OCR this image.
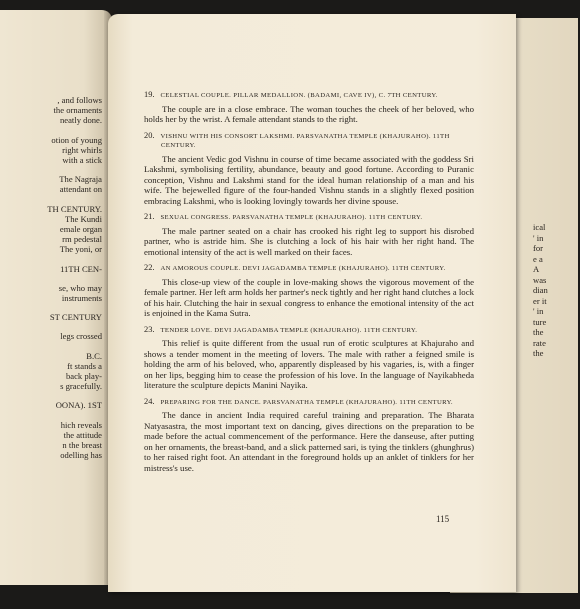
, and follows
the ornaments
neatly done.
otion of young
right whirls
with a stick
The Nagraja
attendant on
TH CENTURY.
The Kundi
emale organ
rm pedestal
The yoni, or
11TH CEN-
se, who may
instruments
ST CENTURY
legs crossed
B.C.
ft stands a
back play-
s gracefully.
OONA). 1ST
hich reveals
the attitude
n the breast
odelling has
ical
' in
for
e a
A
was
dian
er it
' in
ture
the
rate
the
19. CELESTIAL COUPLE. PILLAR MEDALLION. (BADAMI, CAVE IV), C. 7TH CENTURY.
The couple are in a close embrace. The woman touches the cheek of her beloved, who holds her by the wrist. A female attendant stands to the right.
20. VISHNU WITH HIS CONSORT LAKSHMI. PARSVANATHA TEMPLE (KHAJURAHO). 11TH CENTURY.
The ancient Vedic god Vishnu in course of time became associated with the goddess Sri Lakshmi, symbolising fertility, abundance, beauty and good fortune. According to Puranic conception, Vishnu and Lakshmi stand for the ideal human relationship of a man and his wife. The bejewelled figure of the four-handed Vishnu stands in a slightly flexed position embracing Lakshmi, who is looking lovingly towards her divine spouse.
21. SEXUAL CONGRESS. PARSVANATHA TEMPLE (KHAJURAHO). 11TH CENTURY.
The male partner seated on a chair has crooked his right leg to support his disrobed partner, who is astride him. She is clutching a lock of his hair with her right hand. The emotional intensity of the act is well marked on their faces.
22. AN AMOROUS COUPLE. DEVI JAGADAMBA TEMPLE (KHAJURAHO). 11TH CENTURY.
This close-up view of the couple in love-making shows the vigorous movement of the female partner. Her left arm holds her partner's neck tightly and her right hand clutches a lock of his hair. Clutching the hair in sexual congress to enhance the emotional intensity of the act is enjoined in the Kama Sutra.
23. TENDER LOVE. DEVI JAGADAMBA TEMPLE (KHAJURAHO). 11TH CENTURY.
This relief is quite different from the usual run of erotic sculptures at Khajuraho and shows a tender moment in the meeting of lovers. The male with rather a feigned smile is holding the arm of his beloved, who, apparently displeased by his vagaries, is, with a finger on her lips, begging him to cease the profession of his love. In the language of Nayikabheda literature the sculpture depicts Manini Nayika.
24. PREPARING FOR THE DANCE. PARSVANATHA TEMPLE (KHAJURAHO). 11TH CENTURY.
The dance in ancient India required careful training and preparation. The Bharata Natyasastra, the most important text on dancing, gives directions on the preparation to be made before the actual commencement of the performance. Here the danseuse, after putting on her ornaments, the breast-band, and a slick patterned sari, is tying the tinklers (ghunghrus) to her raised right foot. An attendant in the foreground holds up an anklet of tinklers for her mistress's use.
115
